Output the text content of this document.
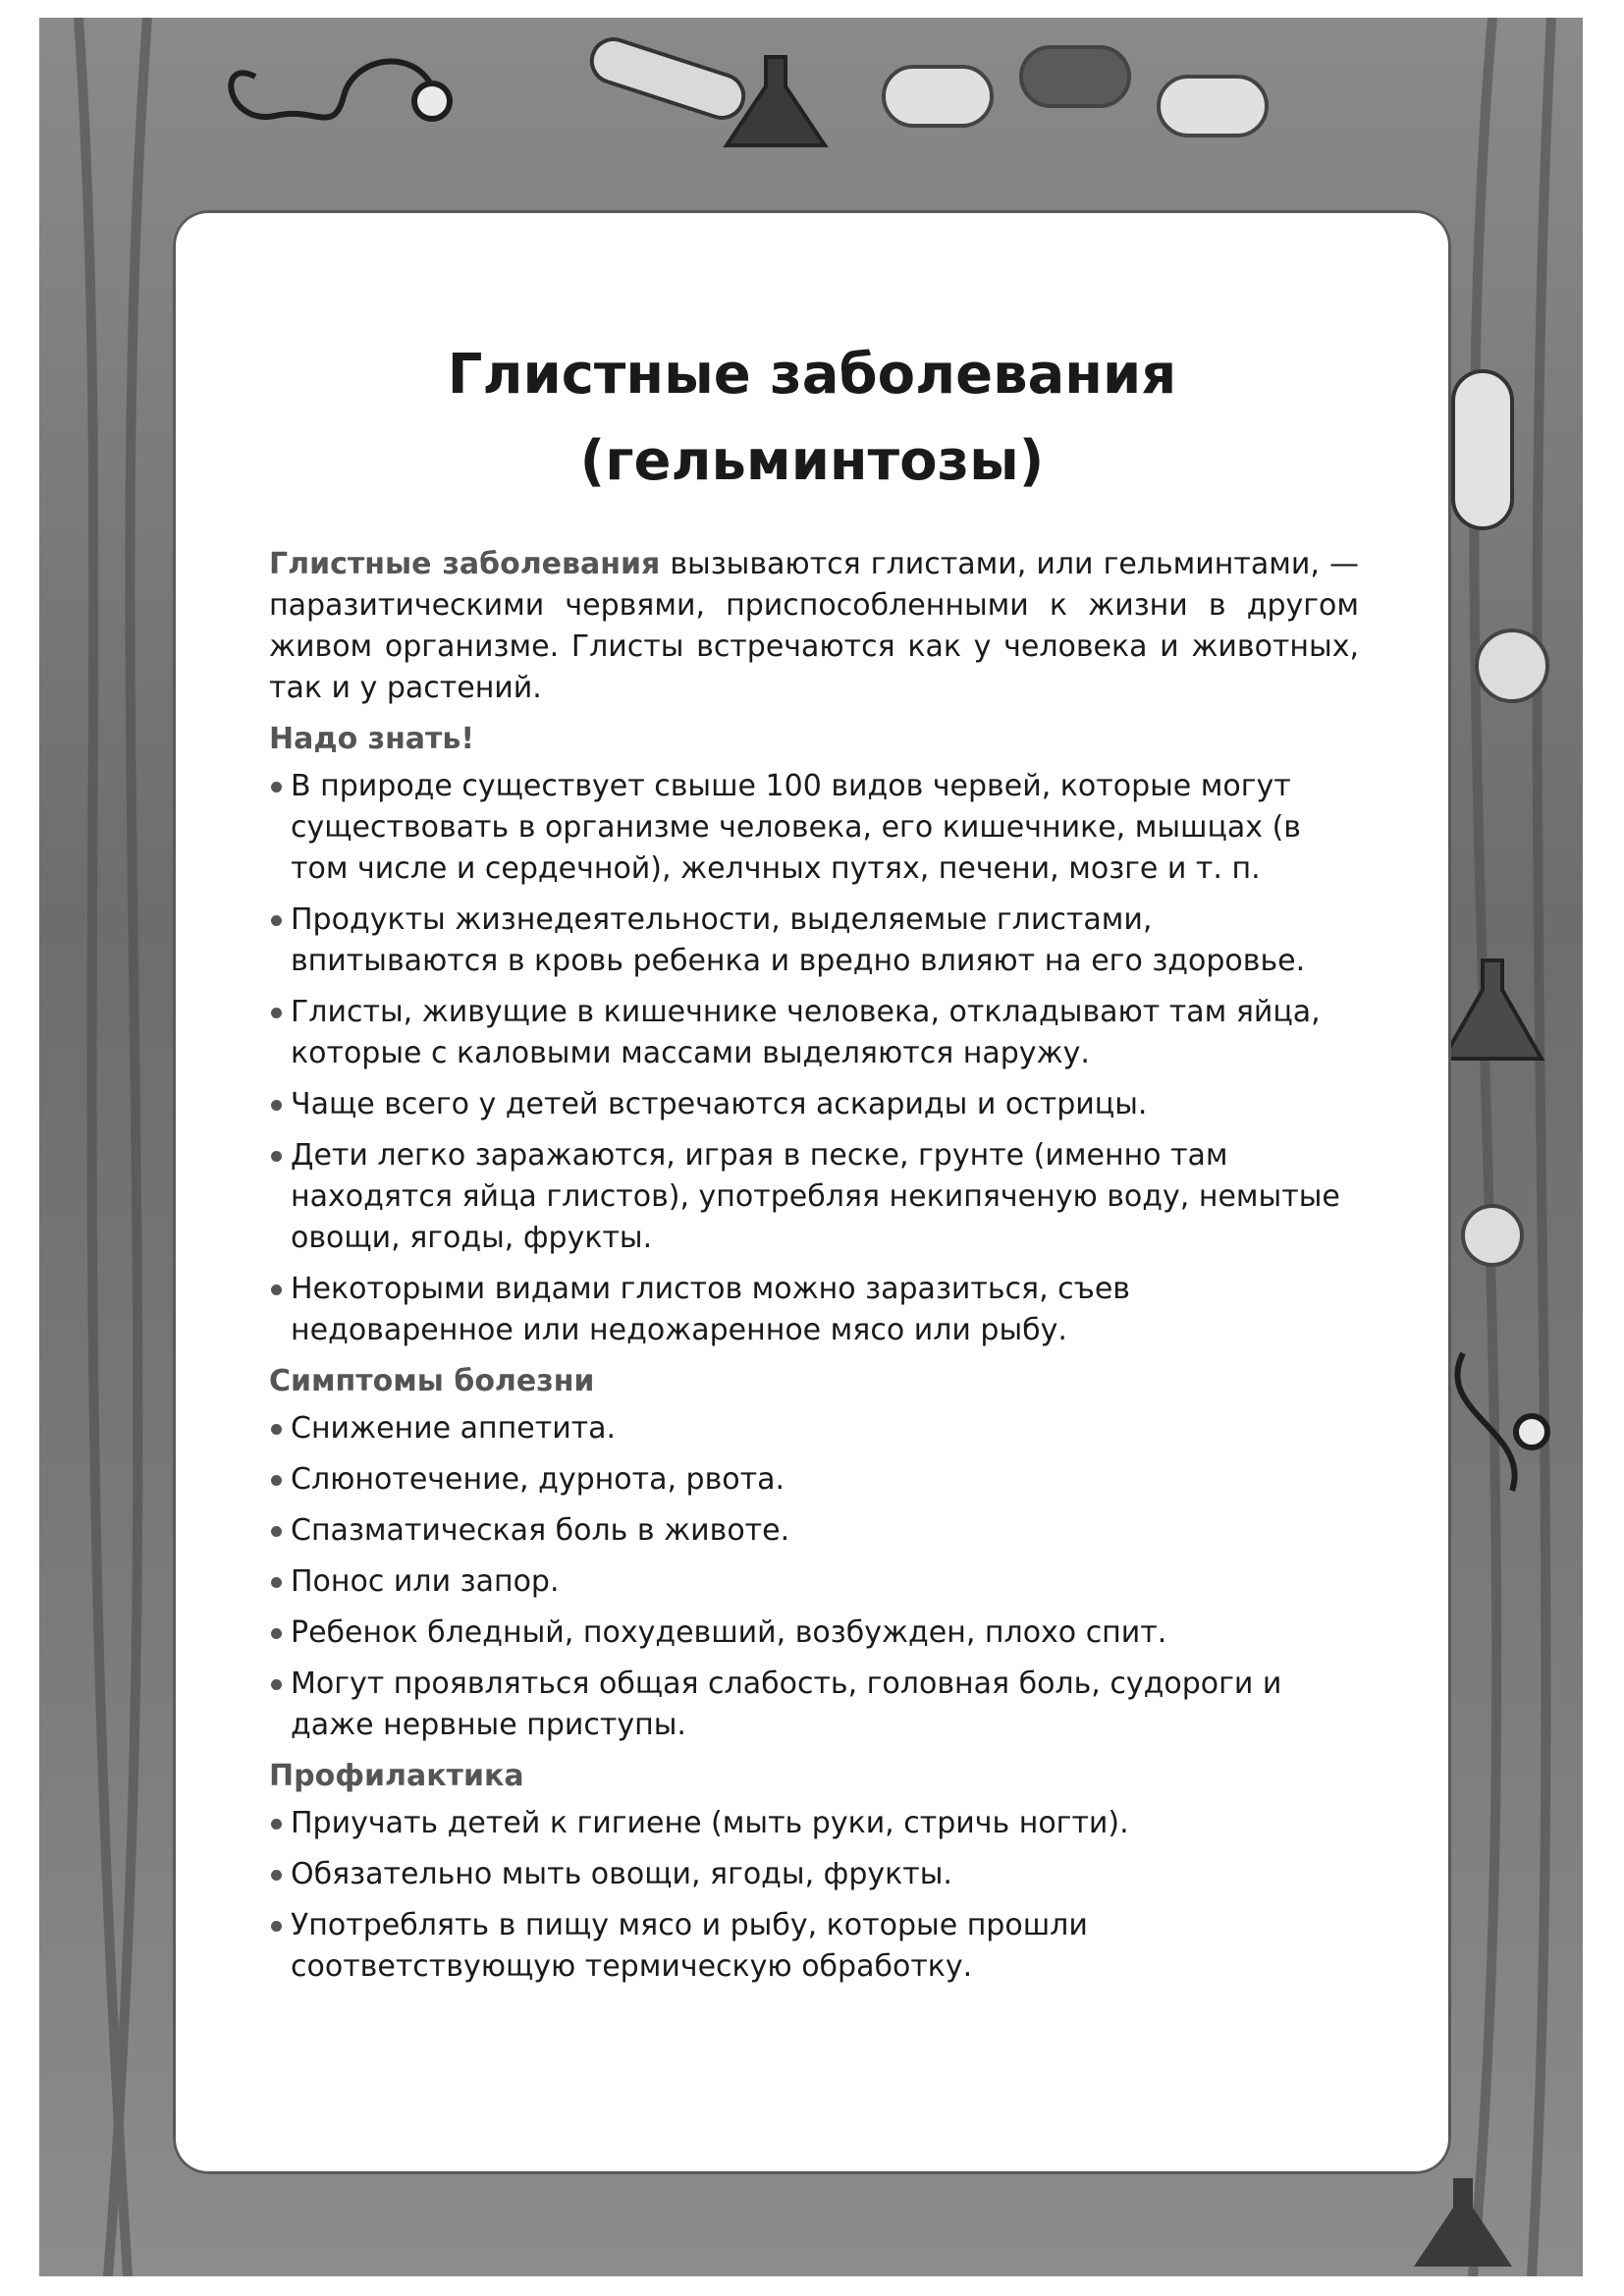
Глистные заболевания
(гельминтозы)

Глистные заболевания вызываются глистами, или гельминтами, — паразитическими червями, приспособленными к жизни в другом живом организме. Глисты встречаются как у человека и животных, так и у растений.

Надо знать!
В природе существует свыше 100 видов червей, которые могут существовать в организме человека, его кишечнике, мышцах (в том числе и сердечной), желчных путях, печени, мозге и т. п.
Продукты жизнедеятельности, выделяемые глистами, впитываются в кровь ребенка и вредно влияют на его здоровье.
Глисты, живущие в кишечнике человека, откладывают там яйца, которые с каловыми массами выделяются наружу.
Чаще всего у детей встречаются аскариды и острицы.
Дети легко заражаются, играя в песке, грунте (именно там находятся яйца глистов), употребляя некипяченую воду, немытые овощи, ягоды, фрукты.
Некоторыми видами глистов можно заразиться, съев недоваренное или недожаренное мясо или рыбу.
Симптомы болезни
Снижение аппетита.
Слюнотечение, дурнота, рвота.
Спазматическая боль в животе.
Понос или запор.
Ребенок бледный, похудевший, возбужден, плохо спит.
Могут проявляться общая слабость, головная боль, судороги и даже нервные приступы.
Профилактика
Приучать детей к гигиене (мыть руки, стричь ногти).
Обязательно мыть овощи, ягоды, фрукты.
Употреблять в пищу мясо и рыбу, которые прошли соответствующую термическую обработку.
